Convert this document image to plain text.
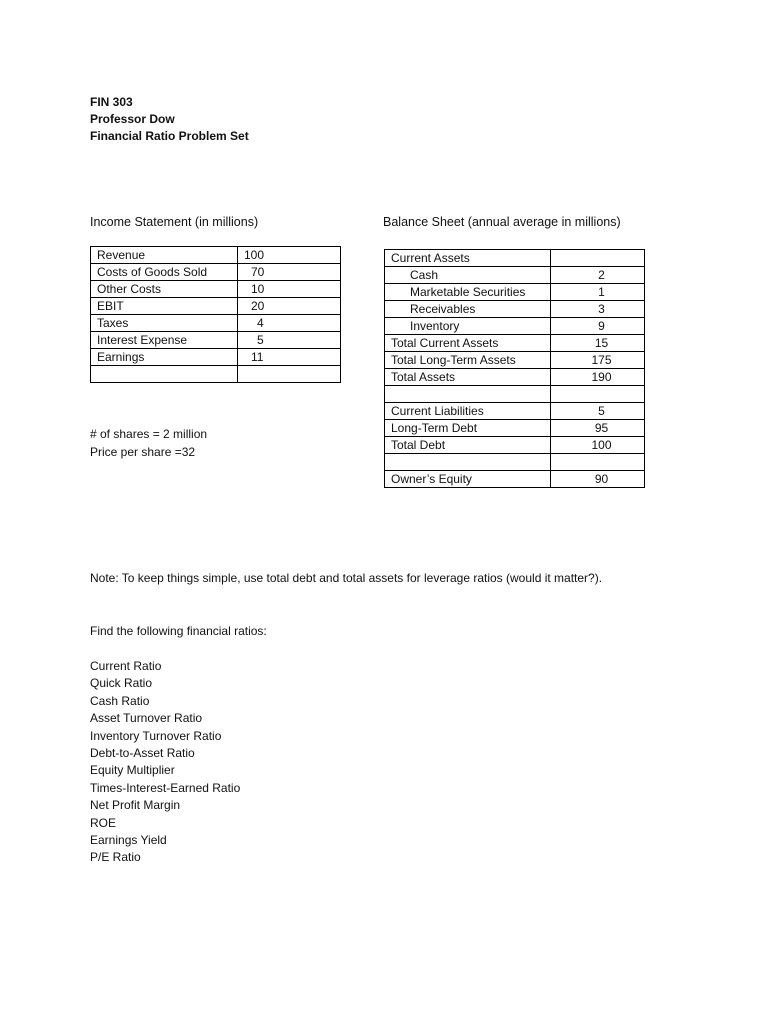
FIN 303
Professor Dow
Financial Ratio Problem Set
Income Statement (in millions)
Revenue	100
Costs of Goods Sold	70
Other Costs	10
EBIT	20
Taxes	4
Interest Expense	5
Earnings	11

Balance Sheet (annual average in millions)
Current Assets	
Cash	2
Marketable Securities	1
Receivables	3
Inventory	9
Total Current Assets	15
Total Long-Term Assets	175
Total Assets	190

Current Liabilities	5
Long-Term Debt	95
Total Debt	100

Owner’s Equity	90
# of shares = 2 million
Price per share =32
Note: To keep things simple, use total debt and total assets for leverage ratios (would it matter?).
Find the following financial ratios:
Current Ratio
Quick Ratio
Cash Ratio
Asset Turnover Ratio
Inventory Turnover Ratio
Debt-to-Asset Ratio
Equity Multiplier
Times-Interest-Earned Ratio
Net Profit Margin
ROE
Earnings Yield
P/E Ratio
